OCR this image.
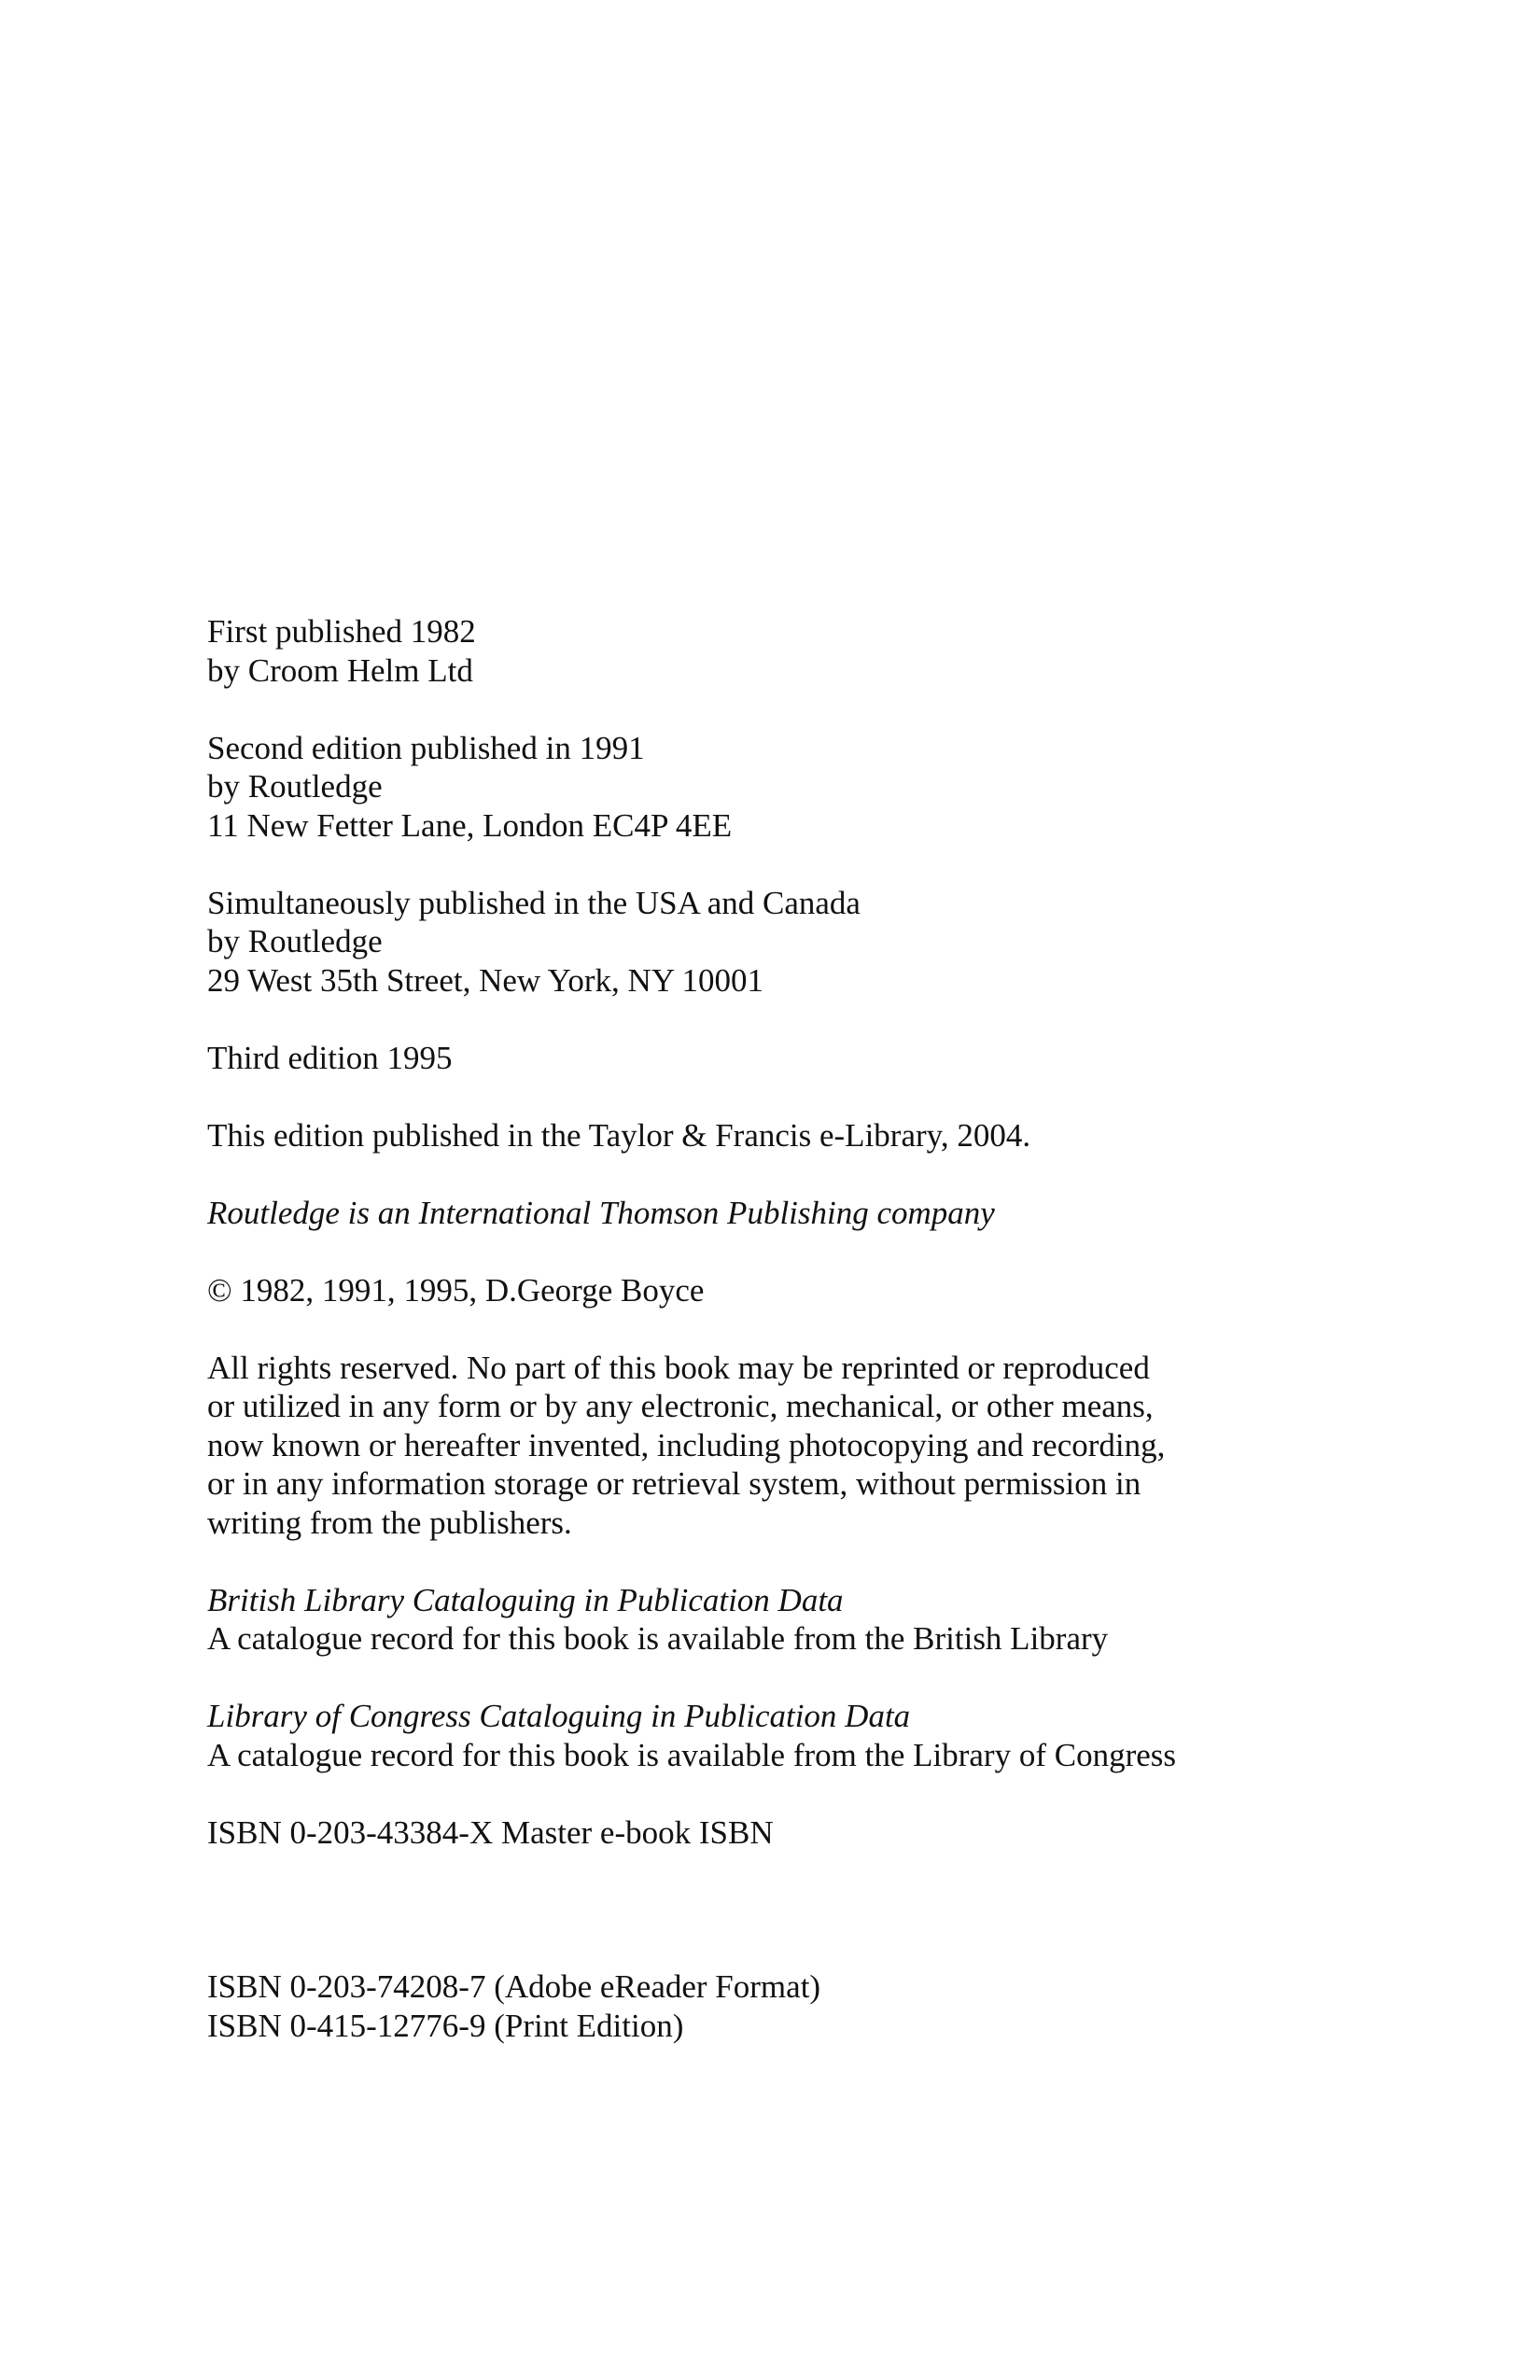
First published 1982
by Croom Helm Ltd
Second edition published in 1991
by Routledge
11 New Fetter Lane, London EC4P 4EE
Simultaneously published in the USA and Canada
by Routledge
29 West 35th Street, New York, NY 10001
Third edition 1995
This edition published in the Taylor & Francis e-Library, 2004.
Routledge is an International Thomson Publishing company
© 1982, 1991, 1995, D.George Boyce
All rights reserved. No part of this book may be reprinted or reproduced
or utilized in any form or by any electronic, mechanical, or other means,
now known or hereafter invented, including photocopying and recording,
or in any information storage or retrieval system, without permission in
writing from the publishers.
British Library Cataloguing in Publication Data
A catalogue record for this book is available from the British Library
Library of Congress Cataloguing in Publication Data
A catalogue record for this book is available from the Library of Congress
ISBN 0-203-43384-X Master e-book ISBN
ISBN 0-203-74208-7 (Adobe eReader Format)
ISBN 0-415-12776-9 (Print Edition)
